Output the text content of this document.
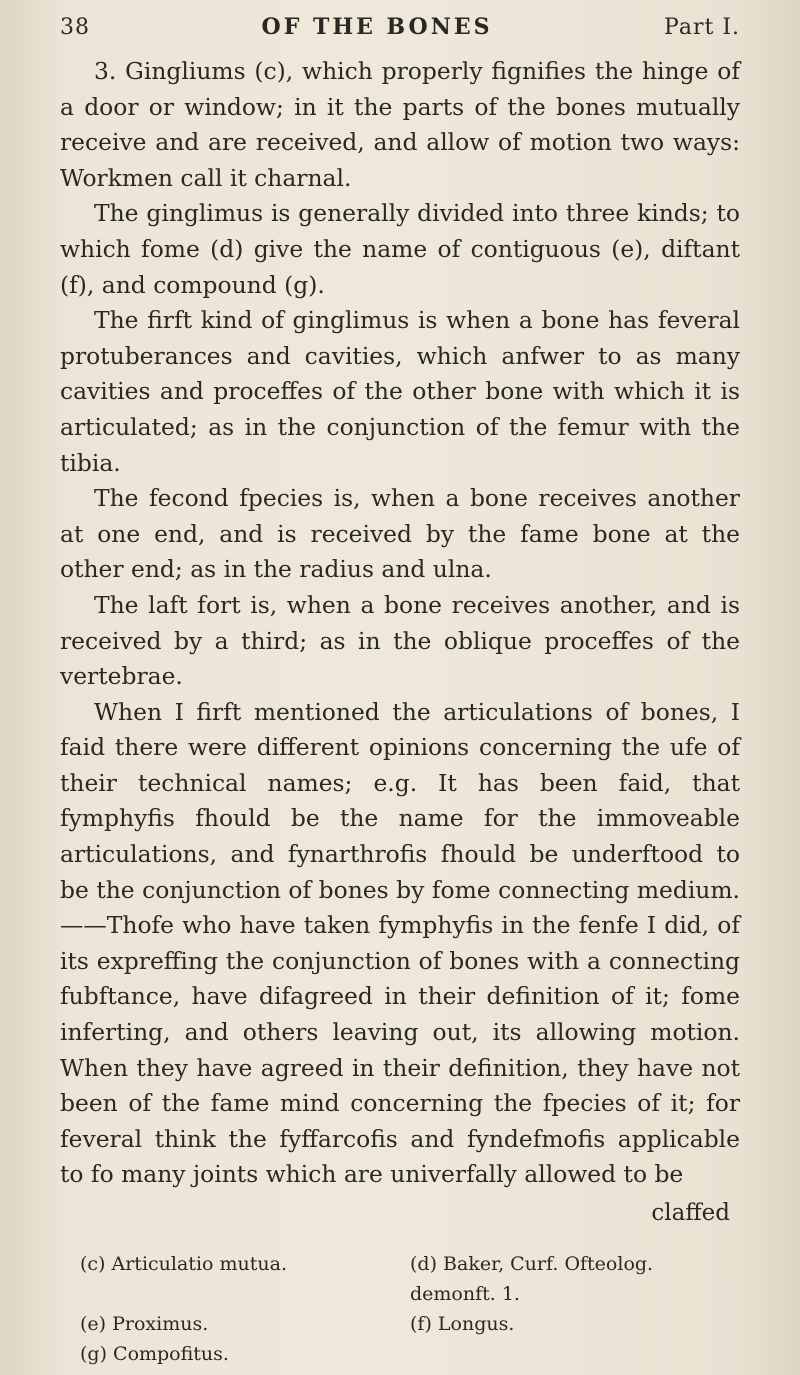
38	OF THE BONES	Part I.

3. Gingliums (c), which properly fignifies the hinge of a door or window; in it the parts of the bones mutually receive and are received, and allow of motion two ways: Workmen call it charnal.

The ginglimus is generally divided into three kinds; to which fome (d) give the name of contiguous (e), diftant (f), and compound (g).

The firft kind of ginglimus is when a bone has feveral protuberances and cavities, which anfwer to as many cavities and proceffes of the other bone with which it is articulated; as in the conjunction of the femur with the tibia.

The fecond fpecies is, when a bone receives another at one end, and is received by the fame bone at the other end; as in the radius and ulna.

The laft fort is, when a bone receives another, and is received by a third; as in the oblique proceffes of the vertebrae.

When I firft mentioned the articulations of bones, I faid there were different opinions concerning the ufe of their technical names; e.g. It has been faid, that fymphyfis fhould be the name for the immoveable articulations, and fynarthrofis fhould be underftood to be the conjunction of bones by fome connecting medium.——Thofe who have taken fymphyfis in the fenfe I did, of its expreffing the conjunction of bones with a connecting fubftance, have difagreed in their definition of it; fome inferting, and others leaving out, its allowing motion. When they have agreed in their definition, they have not been of the fame mind concerning the fpecies of it; for feveral think the fyffarcofis and fyndefmofis applicable to fo many joints which are univerfally allowed to be

claffed
(c) Articulatio mutua.	(d) Baker, Curf. Ofteolog. demonft. 1.
(e) Proximus.	(f) Longus.
(g) Compofitus.
